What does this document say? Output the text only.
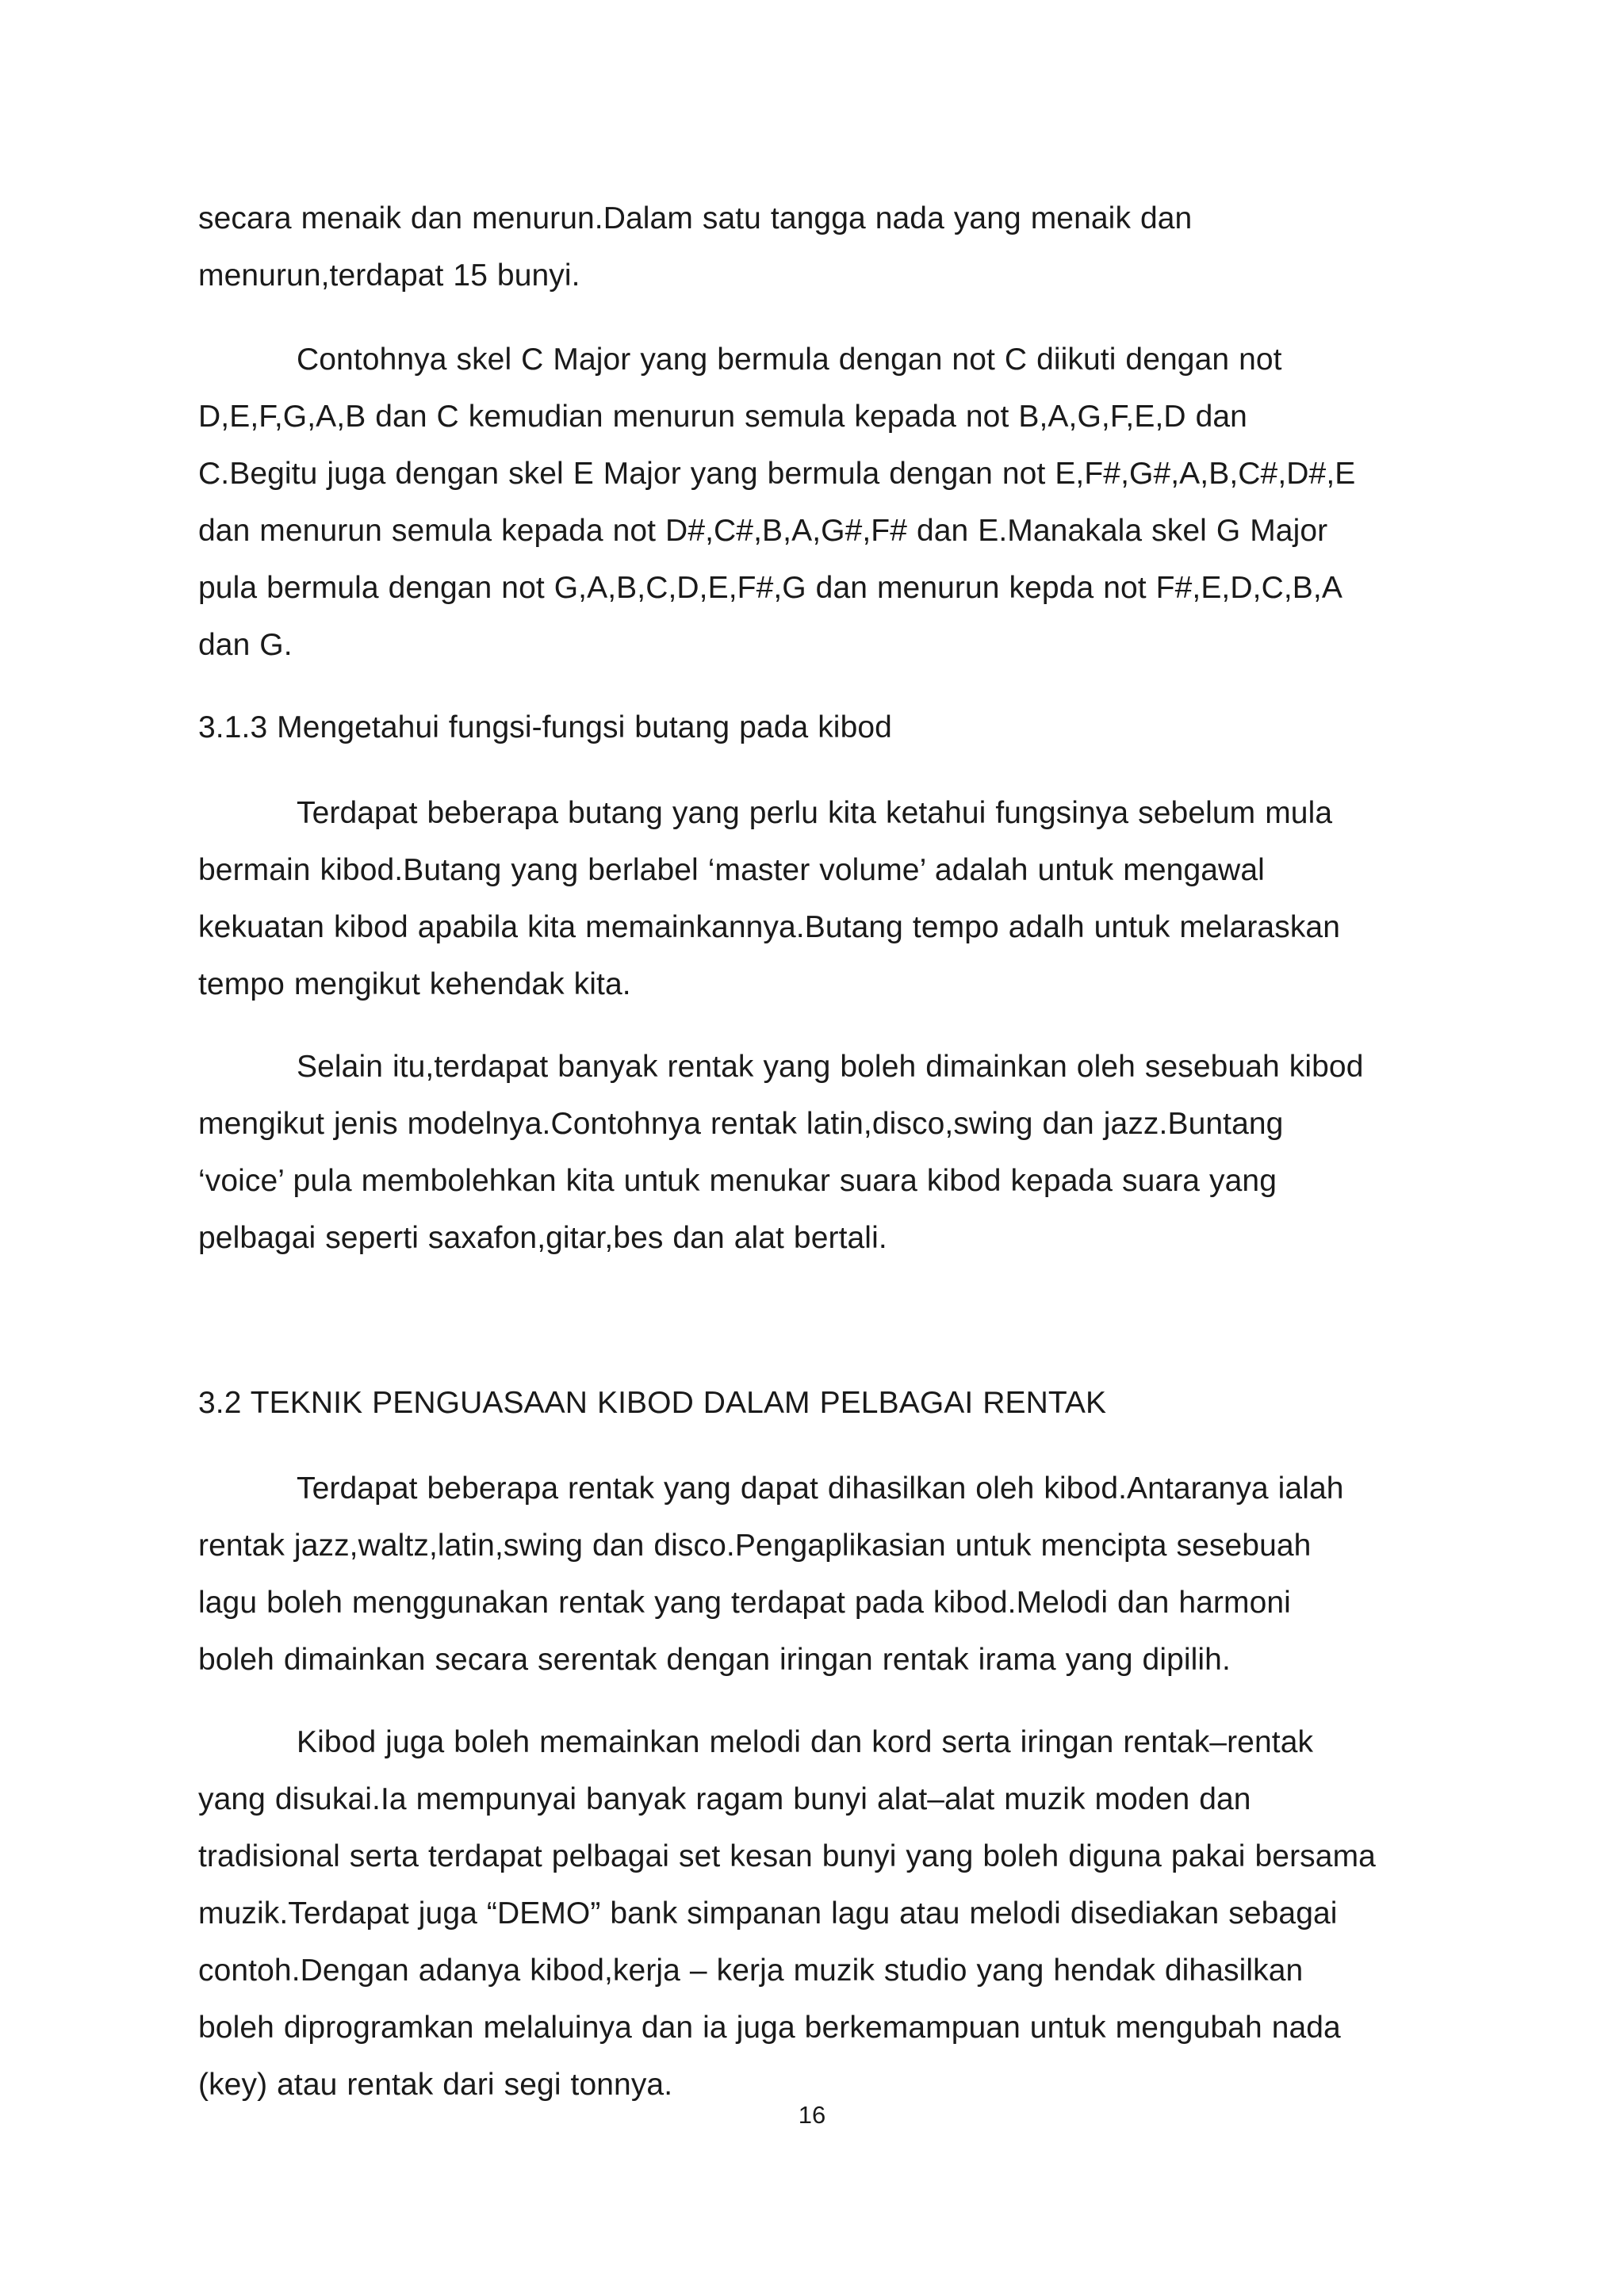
secara menaik dan menurun.Dalam satu tangga nada yang menaik dan
menurun,terdapat 15 bunyi.
Contohnya skel C Major yang bermula dengan not C diikuti dengan not
D,E,F,G,A,B dan C kemudian menurun semula kepada not B,A,G,F,E,D dan
C.Begitu juga dengan skel E Major yang bermula dengan not E,F#,G#,A,B,C#,D#,E
dan menurun semula kepada not D#,C#,B,A,G#,F# dan E.Manakala skel G Major
pula bermula dengan not G,A,B,C,D,E,F#,G dan menurun kepda not F#,E,D,C,B,A
dan G.
3.1.3 Mengetahui fungsi-fungsi butang pada kibod
Terdapat beberapa butang yang perlu kita ketahui fungsinya sebelum mula
bermain kibod.Butang yang berlabel ‘master volume’ adalah untuk mengawal
kekuatan kibod apabila kita memainkannya.Butang tempo adalh untuk melaraskan
tempo mengikut kehendak kita.
Selain itu,terdapat banyak rentak yang boleh dimainkan oleh sesebuah kibod
mengikut jenis modelnya.Contohnya rentak latin,disco,swing dan jazz.Buntang
‘voice’ pula membolehkan kita untuk menukar suara kibod kepada suara yang
pelbagai seperti saxafon,gitar,bes dan alat bertali.
3.2 TEKNIK PENGUASAAN KIBOD DALAM PELBAGAI RENTAK
Terdapat beberapa rentak yang dapat dihasilkan oleh kibod.Antaranya ialah
rentak jazz,waltz,latin,swing dan disco.Pengaplikasian untuk mencipta sesebuah
lagu boleh menggunakan rentak yang terdapat pada kibod.Melodi dan harmoni
boleh dimainkan secara serentak dengan iringan rentak irama yang dipilih.
Kibod juga boleh memainkan melodi dan kord serta iringan rentak–rentak
yang disukai.Ia mempunyai banyak ragam bunyi alat–alat muzik moden dan
tradisional serta terdapat pelbagai set kesan bunyi yang boleh diguna pakai bersama
muzik.Terdapat juga “DEMO” bank simpanan lagu atau melodi disediakan sebagai
contoh.Dengan adanya kibod,kerja – kerja muzik studio yang hendak dihasilkan
boleh diprogramkan melaluinya dan ia juga berkemampuan untuk mengubah nada
(key) atau rentak dari segi tonnya.
16
